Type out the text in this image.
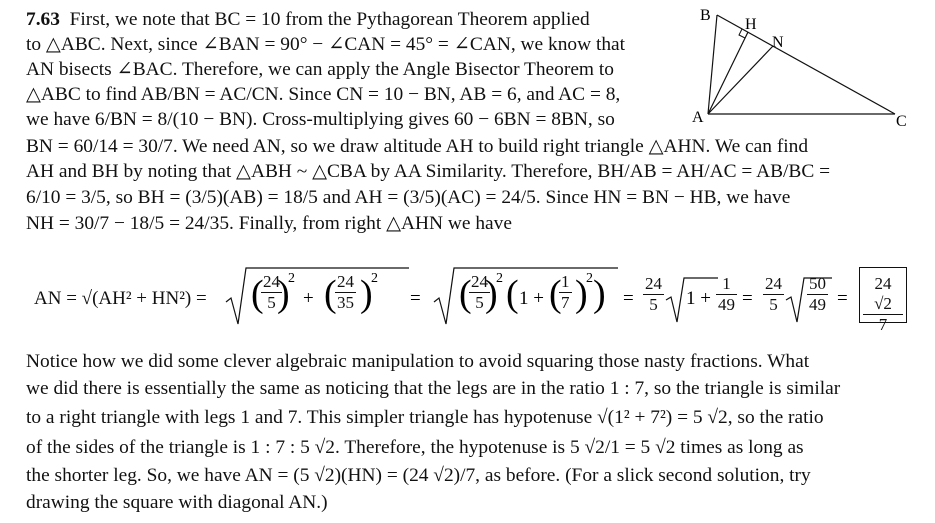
7.63 First, we note that BC = 10 from the Pythagorean Theorem applied
to △ABC. Next, since ∠BAN = 90° − ∠CAN = 45° = ∠CAN, we know that
AN bisects ∠BAC. Therefore, we can apply the Angle Bisector Theorem to
△ABC to find AB/BN = AC/CN. Since CN = 10 − BN, AB = 6, and AC = 8,
we have 6/BN = 8/(10 − BN). Cross-multiplying gives 60 − 6BN = 8BN, so
BN = 60/14 = 30/7. We need AN, so we draw altitude AH to build right triangle △AHN. We can find
AH and BH by noting that △ABH ~ △CBA by AA Similarity. Therefore, BH/AB = AH/AC = AB/BC =
6/10 = 3/5, so BH = (3/5)(AB) = 18/5 and AH = (3/5)(AC) = 24/5. Since HN = BN − HB, we have
NH = 30/7 − 18/5 = 24/35. Finally, from right △AHN we have
B
H
N
A	C
AN = √(AH² + HN²) = ( )
2
+ ( )
2
= ( )
2 ( 1 + ( )
2 ) =	1 + =	=
$\frac{24}{5}$	$\frac{24}{35}$	$\frac{24}{5}$	$\frac{1}{7}$	$\frac{24}{5}$	$\frac{1}{49} \frac{24}{5} \frac{50}{49} \frac{24 √2}{7}$
Notice how we did some clever algebraic manipulation to avoid squaring those nasty fractions. What
we did there is essentially the same as noticing that the legs are in the ratio 1 : 7, so the triangle is similar
to a right triangle with legs 1 and 7. This simpler triangle has hypotenuse √(1² + 7²) = 5 √2, so the ratio
of the sides of the triangle is 1 : 7 : 5 √2. Therefore, the hypotenuse is 5 √2/1 = 5 √2 times as long as
the shorter leg. So, we have AN = (5 √2)(HN) = (24 √2)/7, as before. (For a slick second solution, try
drawing the square with diagonal AN.)
